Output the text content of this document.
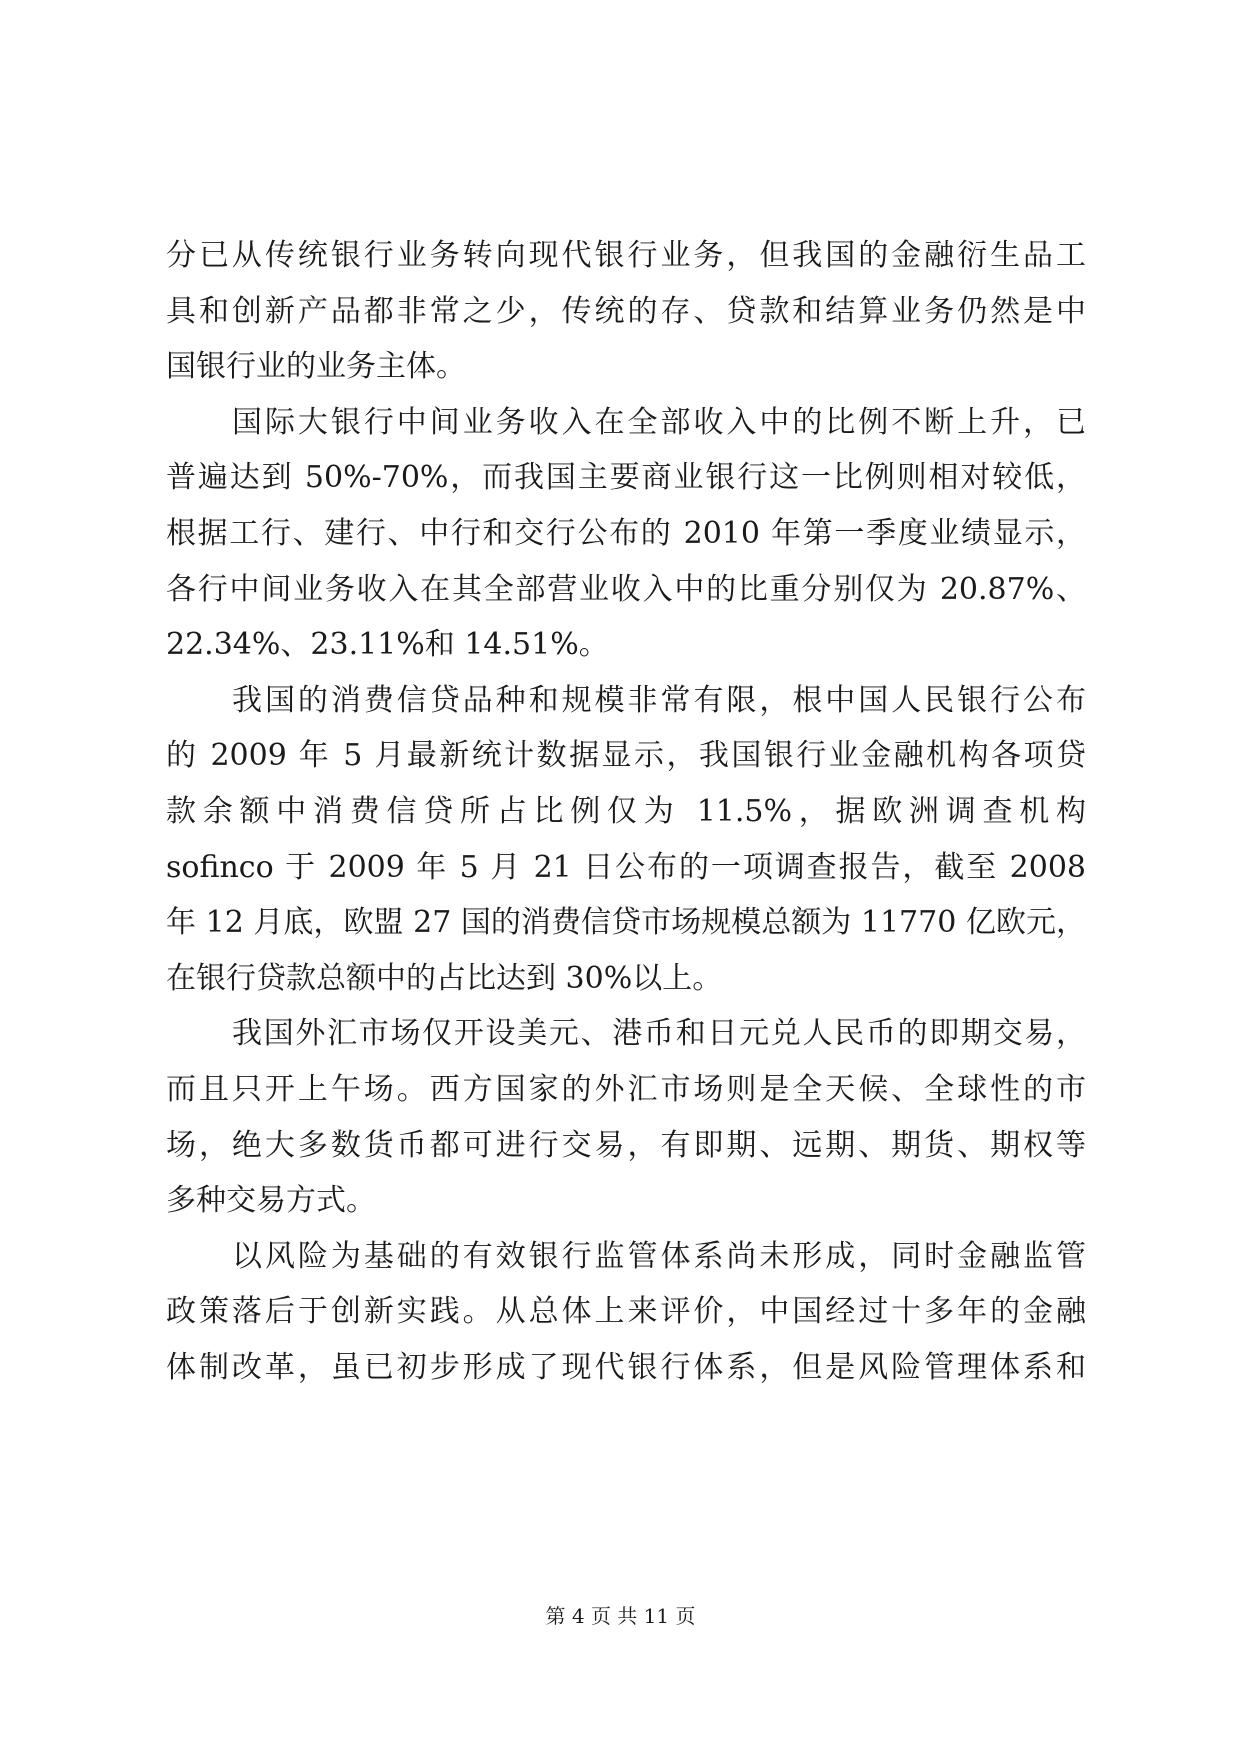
分已从传统银行业务转向现代银行业务，但我国的金融衍生品工
具和创新产品都非常之少，传统的存、贷款和结算业务仍然是中
国银行业的业务主体。
国际大银行中间业务收入在全部收入中的比例不断上升，已
普遍达到 50%-70%，而我国主要商业银行这一比例则相对较低，
根据工行、建行、中行和交行公布的 2010 年第一季度业绩显示，
各行中间业务收入在其全部营业收入中的比重分别仅为 20.87%、
22.34%、23.11%和 14.51%。
我国的消费信贷品种和规模非常有限，根中国人民银行公布
的 2009 年 5 月最新统计数据显示，我国银行业金融机构各项贷
款余额中消费信贷所占比例仅为 11.5%，据欧洲调查机构
sofinco 于 2009 年 5 月 21 日公布的一项调查报告，截至 2008
年 12 月底，欧盟 27 国的消费信贷市场规模总额为 11770 亿欧元，
在银行贷款总额中的占比达到 30%以上。
我国外汇市场仅开设美元、港币和日元兑人民币的即期交易，
而且只开上午场。西方国家的外汇市场则是全天候、全球性的市
场，绝大多数货币都可进行交易，有即期、远期、期货、期权等
多种交易方式。
以风险为基础的有效银行监管体系尚未形成，同时金融监管
政策落后于创新实践。从总体上来评价，中国经过十多年的金融
体制改革，虽已初步形成了现代银行体系，但是风险管理体系和
第 4 页 共 11 页
